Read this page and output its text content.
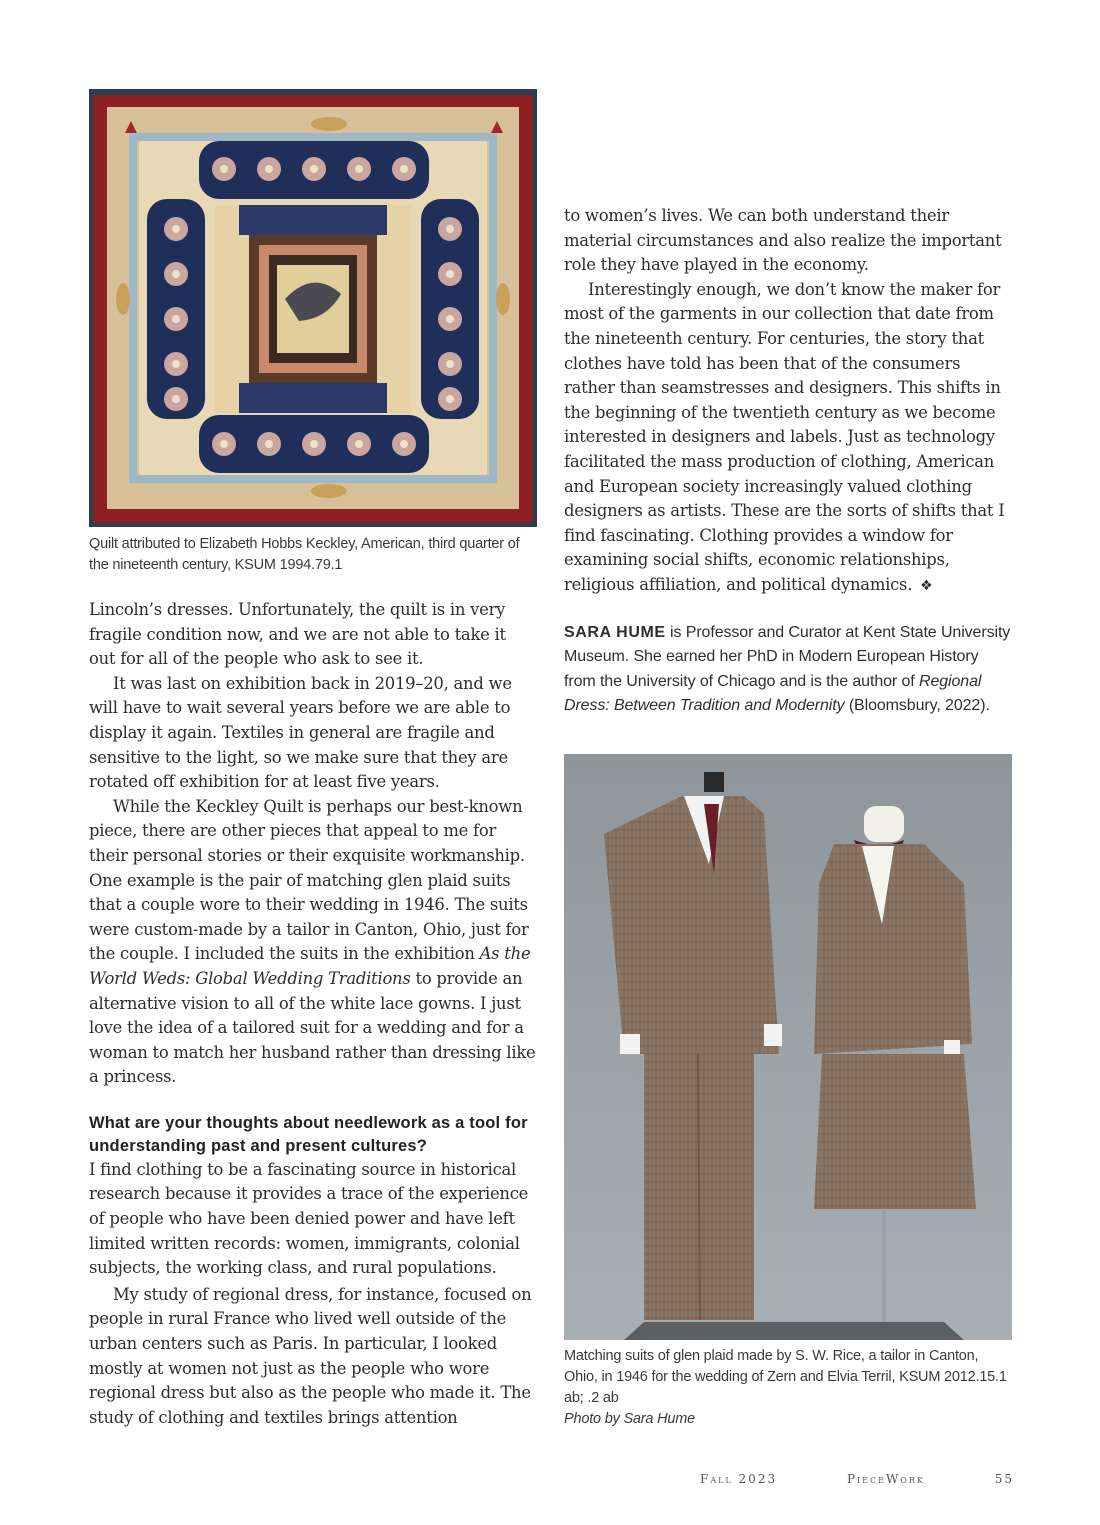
Quilt attributed to Elizabeth Hobbs Keckley, American, third quarter of the nineteenth century, KSUM 1994.79.1

Lincoln’s dresses. Unfortunately, the quilt is in very fragile condition now, and we are not able to take it out for all of the people who ask to see it.

It was last on exhibition back in 2019–20, and we will have to wait several years before we are able to display it again. Textiles in general are fragile and sensitive to the light, so we make sure that they are rotated off exhibition for at least five years.

While the Keckley Quilt is perhaps our best-known piece, there are other pieces that appeal to me for their personal stories or their exquisite workmanship. One example is the pair of matching glen plaid suits that a couple wore to their wedding in 1946. The suits were custom-made by a tailor in Canton, Ohio, just for the couple. I included the suits in the exhibition As the World Weds: Global Wedding Traditions to provide an alternative vision to all of the white lace gowns. I just love the idea of a tailored suit for a wedding and for a woman to match her husband rather than dressing like a princess.

What are your thoughts about needlework as a tool for understanding past and present cultures?

I find clothing to be a fascinating source in historical research because it provides a trace of the experience of people who have been denied power and have left limited written records: women, immigrants, colonial subjects, the working class, and rural populations.

My study of regional dress, for instance, focused on people in rural France who lived well outside of the urban centers such as Paris. In particular, I looked mostly at women not just as the people who wore regional dress but also as the people who made it. The study of clothing and textiles brings attention

to women’s lives. We can both understand their material circumstances and also realize the important role they have played in the economy.

Interestingly enough, we don’t know the maker for most of the garments in our collection that date from the nineteenth century. For centuries, the story that clothes have told has been that of the consumers rather than seamstresses and designers. This shifts in the beginning of the twentieth century as we become interested in designers and labels. Just as technology facilitated the mass production of clothing, American and European society increasingly valued clothing designers as artists. These are the sorts of shifts that I find fascinating. Clothing provides a window for examining social shifts, economic relationships, religious affiliation, and political dynamics. ❖

SARA HUME is Professor and Curator at Kent State University Museum. She earned her PhD in Modern European History from the University of Chicago and is the author of Regional Dress: Between Tradition and Modernity (Bloomsbury, 2022).

Matching suits of glen plaid made by S. W. Rice, a tailor in Canton, Ohio, in 1946 for the wedding of Zern and Elvia Terril, KSUM 2012.15.1 ab; .2 ab

Photo by Sara Hume

Fall 2023	PieceWork	55
